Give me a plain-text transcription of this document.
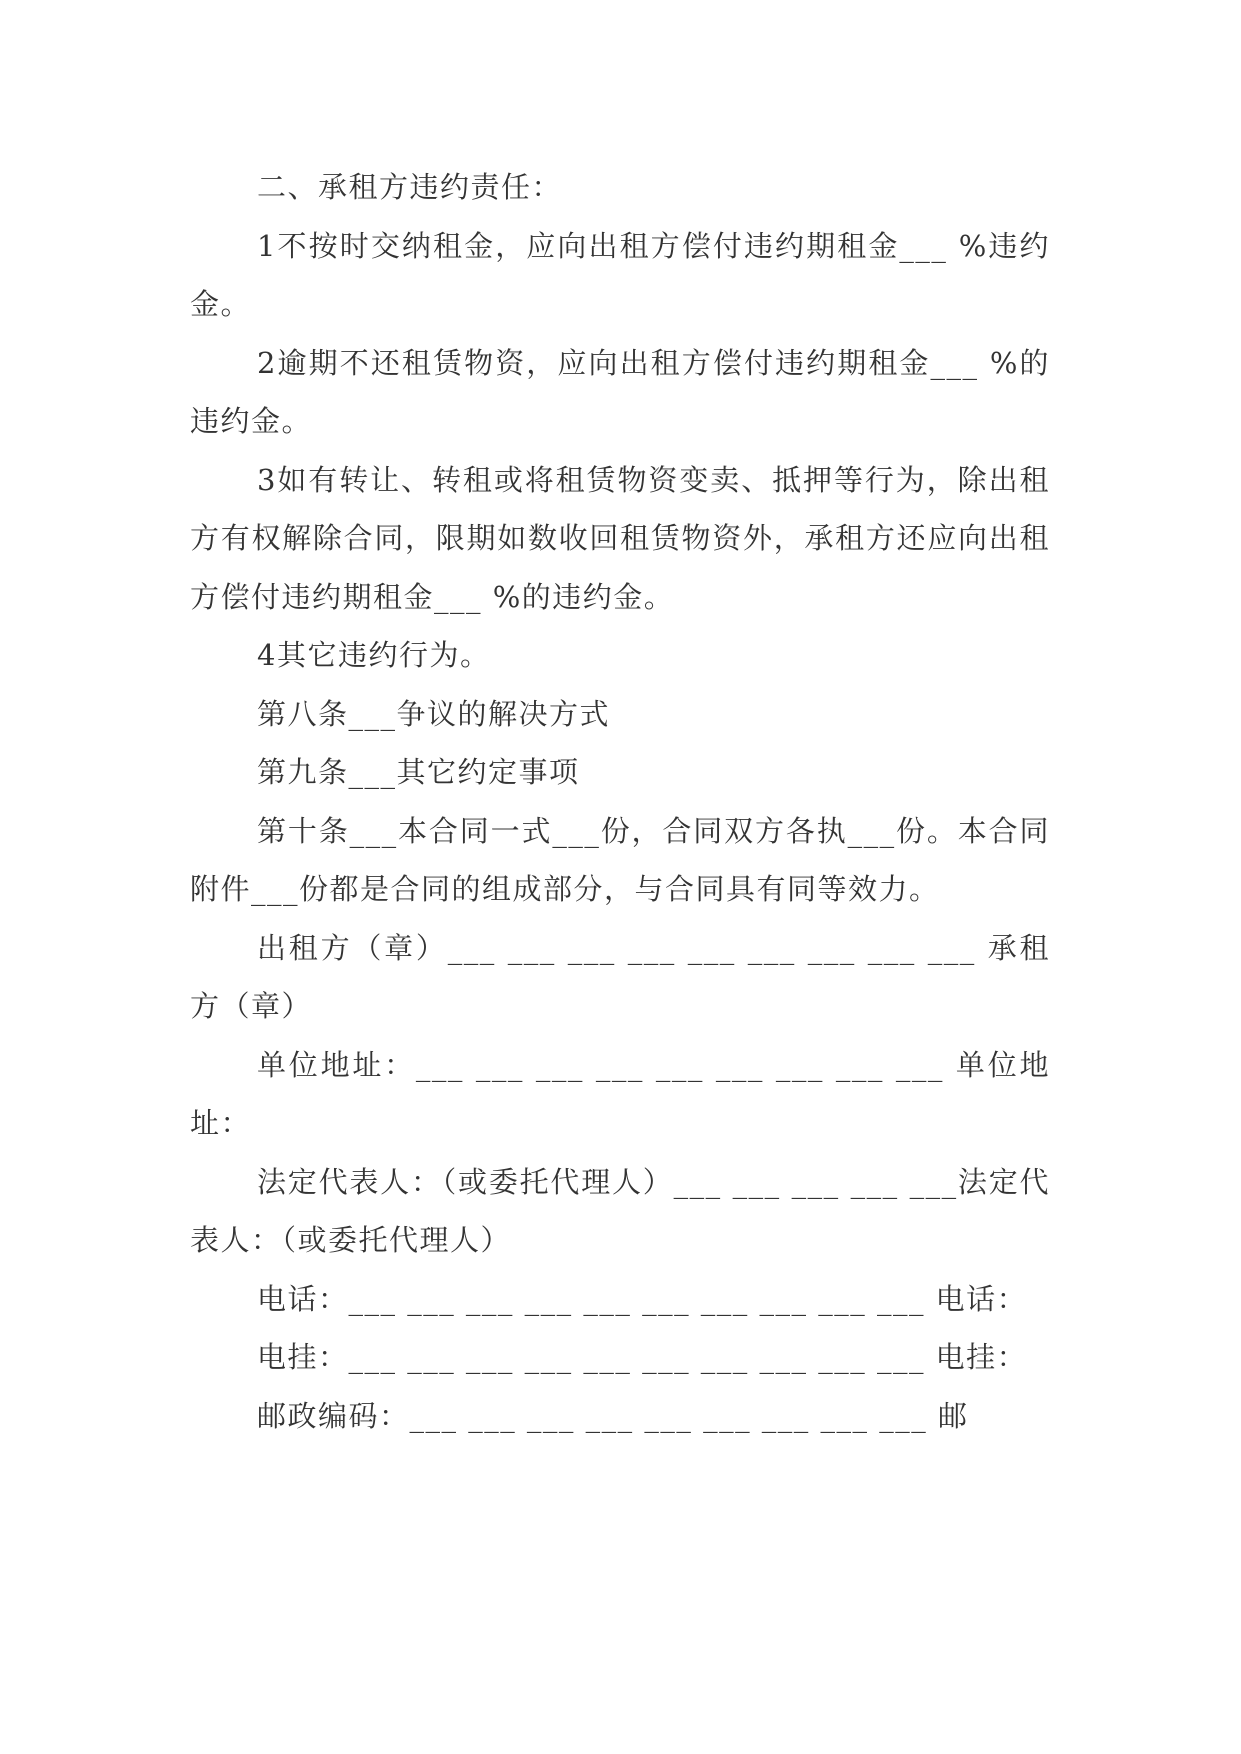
二、承租方违约责任：

1不按时交纳租金，应向出租方偿付违约期租金___ %违约金。

2逾期不还租赁物资，应向出租方偿付违约期租金___ %的违约金。

3如有转让、转租或将租赁物资变卖、抵押等行为，除出租方有权解除合同，限期如数收回租赁物资外，承租方还应向出租方偿付违约期租金___ %的违约金。

4其它违约行为。

第八条___争议的解决方式

第九条___其它约定事项

第十条___本合同一式___份，合同双方各执___份。本合同附件___份都是合同的组成部分，与合同具有同等效力。

出租方（章）___ ___ ___ ___ ___ ___ ___ ___ ___ 承租方（章）

单位地址：___ ___ ___ ___ ___ ___ ___ ___ ___ 单位地址：

法定代表人：（或委托代理人）___ ___ ___ ___ ___法定代表人：（或委托代理人）

电话：___ ___ ___ ___ ___ ___ ___ ___ ___ ___ 电话：

电挂：___ ___ ___ ___ ___ ___ ___ ___ ___ ___ 电挂：

邮政编码：___ ___ ___ ___ ___ ___ ___ ___ ___ 邮
